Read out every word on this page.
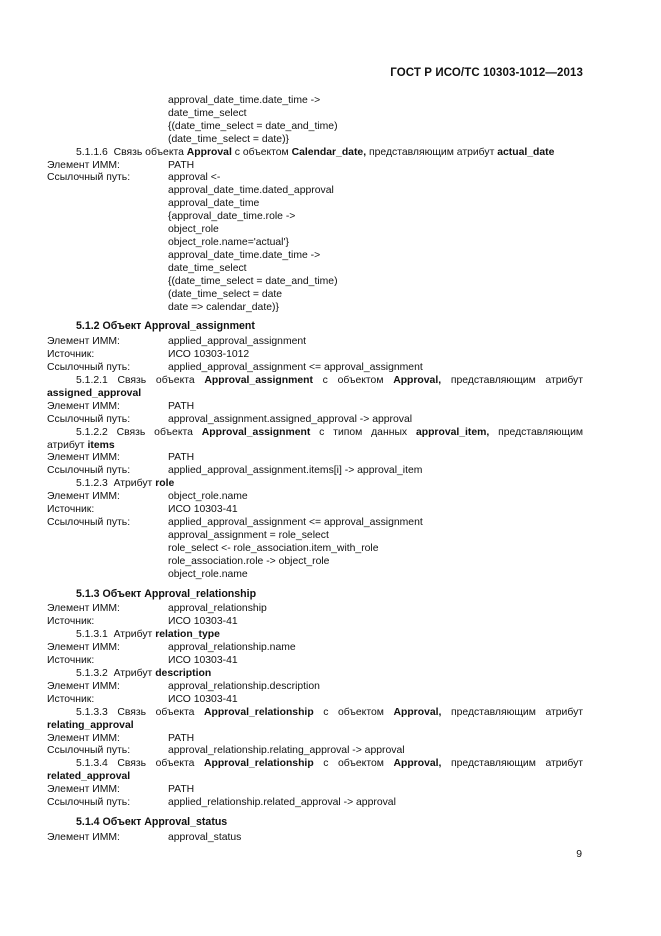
ГОСТ Р ИСО/ТС 10303-1012—2013
approval_date_time.date_time ->
date_time_select
{(date_time_select = date_and_time)
(date_time_select = date)}
5.1.1.6 Связь объекта Approval с объектом Calendar_date, представляющим атрибут actual_date
Элемент ИММ:	PATH
Ссылочный путь:	approval <-
approval_date_time.dated_approval
approval_date_time
{approval_date_time.role ->
object_role
object_role.name='actual'}
approval_date_time.date_time ->
date_time_select
{(date_time_select = date_and_time)
(date_time_select = date
date => calendar_date)}
5.1.2 Объект Approval_assignment
Элемент ИММ:	applied_approval_assignment
Источник:	ИСО 10303-1012
Ссылочный путь:	applied_approval_assignment <= approval_assignment
5.1.2.1 Связь объекта Approval_assignment с объектом Approval, представляющим атрибут
assigned_approval
Элемент ИММ:	PATH
Ссылочный путь:	approval_assignment.assigned_approval -> approval
5.1.2.2 Связь объекта Approval_assignment с типом данных approval_item, представляющим
атрибут items
Элемент ИММ:	PATH
Ссылочный путь:	applied_approval_assignment.items[i] -> approval_item
5.1.2.3 Атрибут role
Элемент ИММ:	object_role.name
Источник:	ИСО 10303-41
Ссылочный путь:	applied_approval_assignment <= approval_assignment
approval_assignment = role_select
role_select <- role_association.item_with_role
role_association.role -> object_role
object_role.name
5.1.3 Объект Approval_relationship
Элемент ИММ:	approval_relationship
Источник:	ИСО 10303-41
5.1.3.1 Атрибут relation_type
Элемент ИММ:	approval_relationship.name
Источник:	ИСО 10303-41
5.1.3.2 Атрибут description
Элемент ИММ:	approval_relationship.description
Источник:	ИСО 10303-41
5.1.3.3 Связь объекта Approval_relationship с объектом Approval, представляющим атрибут
relating_approval
Элемент ИММ:	PATH
Ссылочный путь:	approval_relationship.relating_approval -> approval
5.1.3.4 Связь объекта Approval_relationship с объектом Approval, представляющим атрибут
related_approval
Элемент ИММ:	PATH
Ссылочный путь:	applied_relationship.related_approval -> approval
5.1.4 Объект Approval_status
Элемент ИММ:	approval_status
9
